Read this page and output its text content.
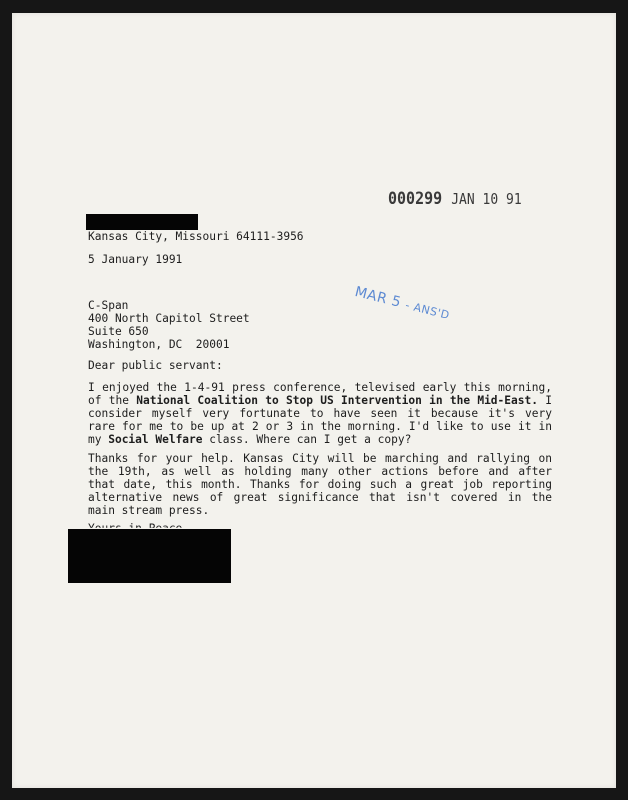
000299 JAN 10 91
MAR 5 - ANS'D
Kansas City, Missouri 64111-3956
5 January 1991
C-Span
400 North Capitol Street
Suite 650
Washington, DC  20001
Dear public servant:
I enjoyed the 1-4-91 press conference, televised early this morning, of the National Coalition to Stop US Intervention in the Mid-East. I consider myself very fortunate to have seen it because it's very rare for me to be up at 2 or 3 in the morning. I'd like to use it in my Social Welfare class. Where can I get a copy?
Thanks for your help. Kansas City will be marching and rallying on the 19th, as well as holding many other actions before and after that date, this month. Thanks for doing such a great job reporting alternative news of great significance that isn't covered in the main stream press.
